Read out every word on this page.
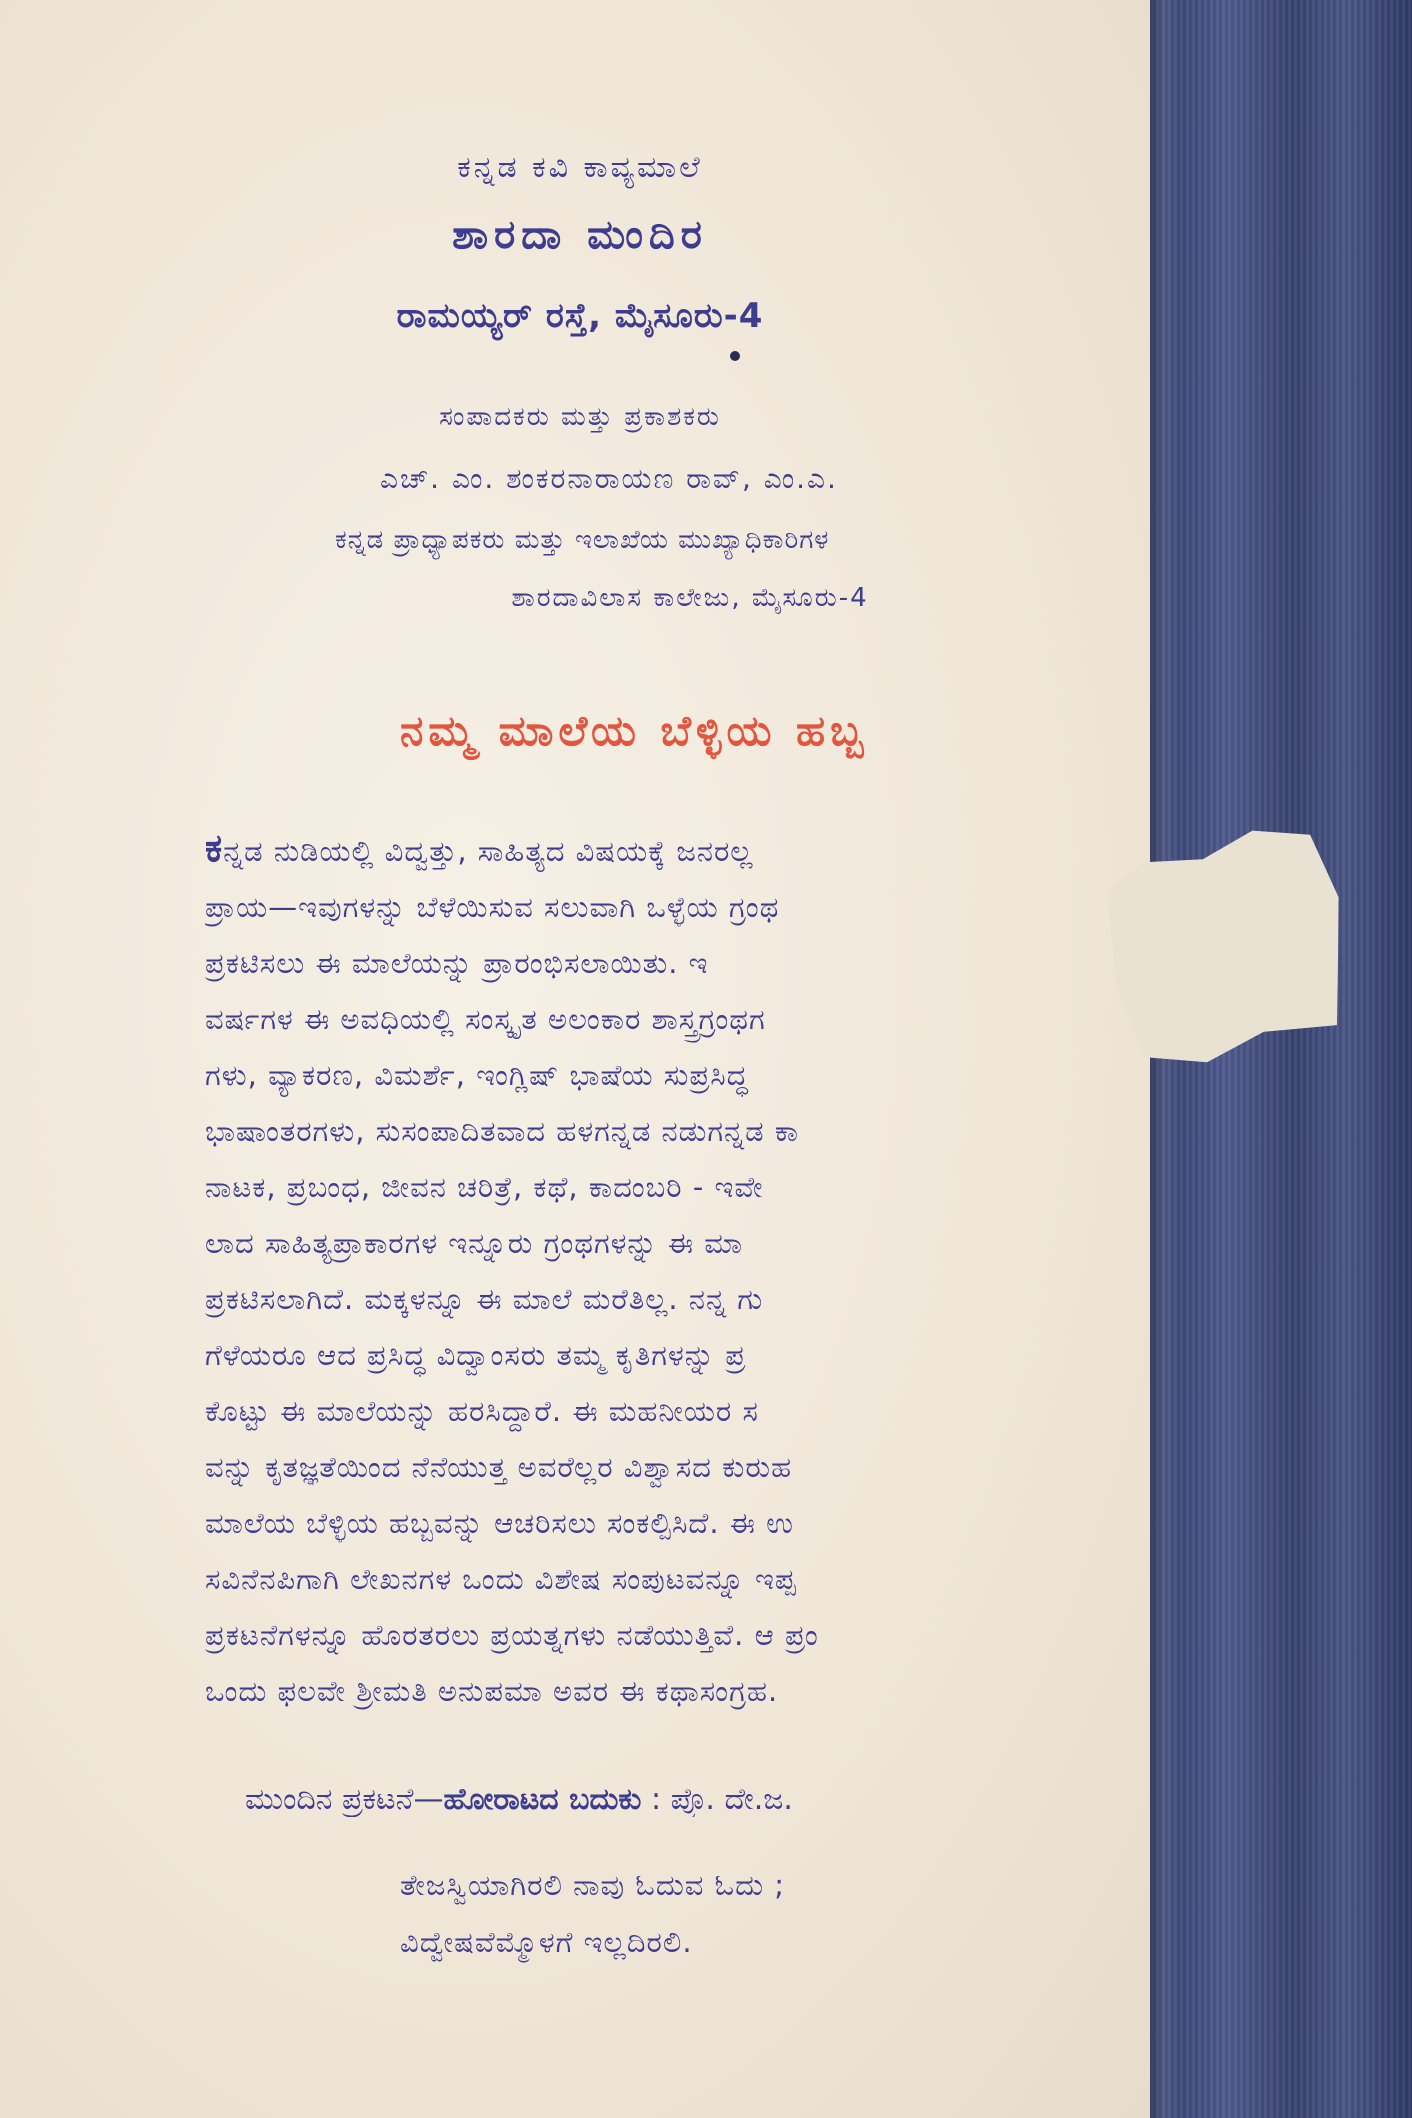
ಕನ್ನಡ ಕವಿ ಕಾವ್ಯಮಾಲೆ
ಶಾರದಾ ಮಂದಿರ
ರಾಮಯ್ಯರ್ ರಸ್ತೆ, ಮೈಸೂರು-4
ಸಂಪಾದಕರು ಮತ್ತು ಪ್ರಕಾಶಕರು
ಎಚ್. ಎಂ. ಶಂಕರನಾರಾಯಣ ರಾವ್, ಎಂ.ಎ.
ಕನ್ನಡ ಪ್ರಾಧ್ಯಾಪಕರು ಮತ್ತು ಇಲಾಖೆಯ ಮುಖ್ಯಾಧಿಕಾರಿಗಳ
ಶಾರದಾವಿಲಾಸ ಕಾಲೇಜು, ಮೈಸೂರು-4
ನಮ್ಮ ಮಾಲೆಯ ಬೆಳ್ಳಿಯ ಹಬ್ಬ
ಕನ್ನಡ ನುಡಿಯಲ್ಲಿ ವಿದ್ವತ್ತು, ಸಾಹಿತ್ಯದ ವಿಷಯಕ್ಕೆ ಜನರಲ್ಲ
ಪ್ರಾಯ—ಇವುಗಳನ್ನು ಬೆಳೆಯಿಸುವ ಸಲುವಾಗಿ ಒಳ್ಳೆಯ ಗ್ರಂಥ
ಪ್ರಕಟಿಸಲು ಈ ಮಾಲೆಯನ್ನು ಪ್ರಾರಂಭಿಸಲಾಯಿತು. ಇ
ವರ್ಷಗಳ ಈ ಅವಧಿಯಲ್ಲಿ ಸಂಸ್ಕೃತ ಅಲಂಕಾರ ಶಾಸ್ತ್ರಗ್ರಂಥಗ
ಗಳು, ವ್ಯಾಕರಣ, ವಿಮರ್ಶೆ, ಇಂಗ್ಲಿಷ್ ಭಾಷೆಯ ಸುಪ್ರಸಿದ್ಧ
ಭಾಷಾಂತರಗಳು, ಸುಸಂಪಾದಿತವಾದ ಹಳಗನ್ನಡ ನಡುಗನ್ನಡ ಕಾ
ನಾಟಕ, ಪ್ರಬಂಧ, ಜೀವನ ಚರಿತ್ರೆ, ಕಥೆ, ಕಾದಂಬರಿ - ಇವೇ
ಲಾದ ಸಾಹಿತ್ಯಪ್ರಾಕಾರಗಳ ಇನ್ನೂರು ಗ್ರಂಥಗಳನ್ನು ಈ ಮಾ
ಪ್ರಕಟಿಸಲಾಗಿದೆ. ಮಕ್ಕಳನ್ನೂ ಈ ಮಾಲೆ ಮರೆತಿಲ್ಲ. ನನ್ನ ಗು
ಗೆಳೆಯರೂ ಆದ ಪ್ರಸಿದ್ಧ ವಿದ್ವಾಂಸರು ತಮ್ಮ ಕೃತಿಗಳನ್ನು ಪ್ರ
ಕೊಟ್ಟು ಈ ಮಾಲೆಯನ್ನು ಹರಸಿದ್ದಾರೆ. ಈ ಮಹನೀಯರ ಸ
ವನ್ನು ಕೃತಜ್ಞತೆಯಿಂದ ನೆನೆಯುತ್ತ ಅವರೆಲ್ಲರ ವಿಶ್ವಾಸದ ಕುರುಹ
ಮಾಲೆಯ ಬೆಳ್ಳಿಯ ಹಬ್ಬವನ್ನು ಆಚರಿಸಲು ಸಂಕಲ್ಪಿಸಿದೆ. ಈ ಉ
ಸವಿನೆನಪಿಗಾಗಿ ಲೇಖನಗಳ ಒಂದು ವಿಶೇಷ ಸಂಪುಟವನ್ನೂ ಇಪ್ಪ
ಪ್ರಕಟನೆಗಳನ್ನೂ ಹೊರತರಲು ಪ್ರಯತ್ನಗಳು ನಡೆಯುತ್ತಿವೆ. ಆ ಪ್ರಂ
ಒಂದು ಫಲವೇ ಶ್ರೀಮತಿ ಅನುಪಮಾ ಅವರ ಈ ಕಥಾಸಂಗ್ರಹ.
ಮುಂದಿನ ಪ್ರಕಟನೆ—ಹೋರಾಟದ ಬದುಕು : ಪ್ರೊ. ದೇ.ಜ.
ತೇಜಸ್ವಿಯಾಗಿರಲಿ ನಾವು ಓದುವ ಓದು ;
ವಿದ್ವೇಷವೆಮ್ಮೊಳಗೆ ಇಲ್ಲದಿರಲಿ.
